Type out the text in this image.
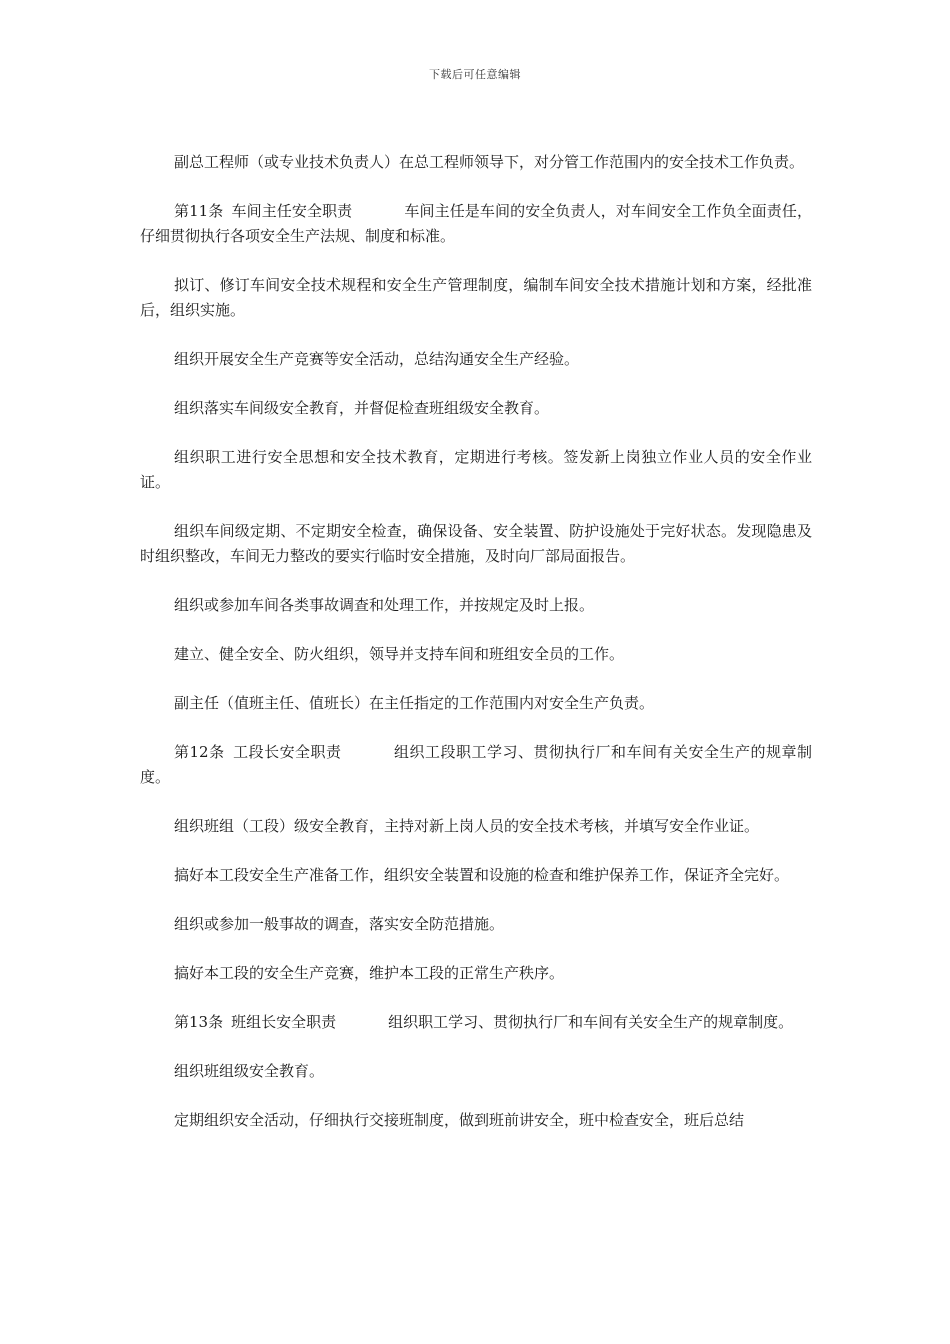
下载后可任意编辑

副总工程师（或专业技术负责人）在总工程师领导下，对分管工作范围内的安全技术工作负责。

第11条 车间主任安全职责	车间主任是车间的安全负责人，对车间安全工作负全面责任，仔细贯彻执行各项安全生产法规、制度和标准。

拟订、修订车间安全技术规程和安全生产管理制度，编制车间安全技术措施计划和方案，经批准后，组织实施。

组织开展安全生产竞赛等安全活动，总结沟通安全生产经验。

组织落实车间级安全教育，并督促检查班组级安全教育。

组织职工进行安全思想和安全技术教育，定期进行考核。签发新上岗独立作业人员的安全作业证。

组织车间级定期、不定期安全检查，确保设备、安全装置、防护设施处于完好状态。发现隐患及时组织整改，车间无力整改的要实行临时安全措施，及时向厂部局面报告。

组织或参加车间各类事故调查和处理工作，并按规定及时上报。

建立、健全安全、防火组织，领导并支持车间和班组安全员的工作。

副主任（值班主任、值班长）在主任指定的工作范围内对安全生产负责。

第12条 工段长安全职责	组织工段职工学习、贯彻执行厂和车间有关安全生产的规章制度。

组织班组（工段）级安全教育，主持对新上岗人员的安全技术考核，并填写安全作业证。

搞好本工段安全生产准备工作，组织安全装置和设施的检查和维护保养工作，保证齐全完好。

组织或参加一般事故的调查，落实安全防范措施。

搞好本工段的安全生产竞赛，维护本工段的正常生产秩序。

第13条 班组长安全职责	组织职工学习、贯彻执行厂和车间有关安全生产的规章制度。

组织班组级安全教育。

定期组织安全活动，仔细执行交接班制度，做到班前讲安全，班中检查安全，班后总结
